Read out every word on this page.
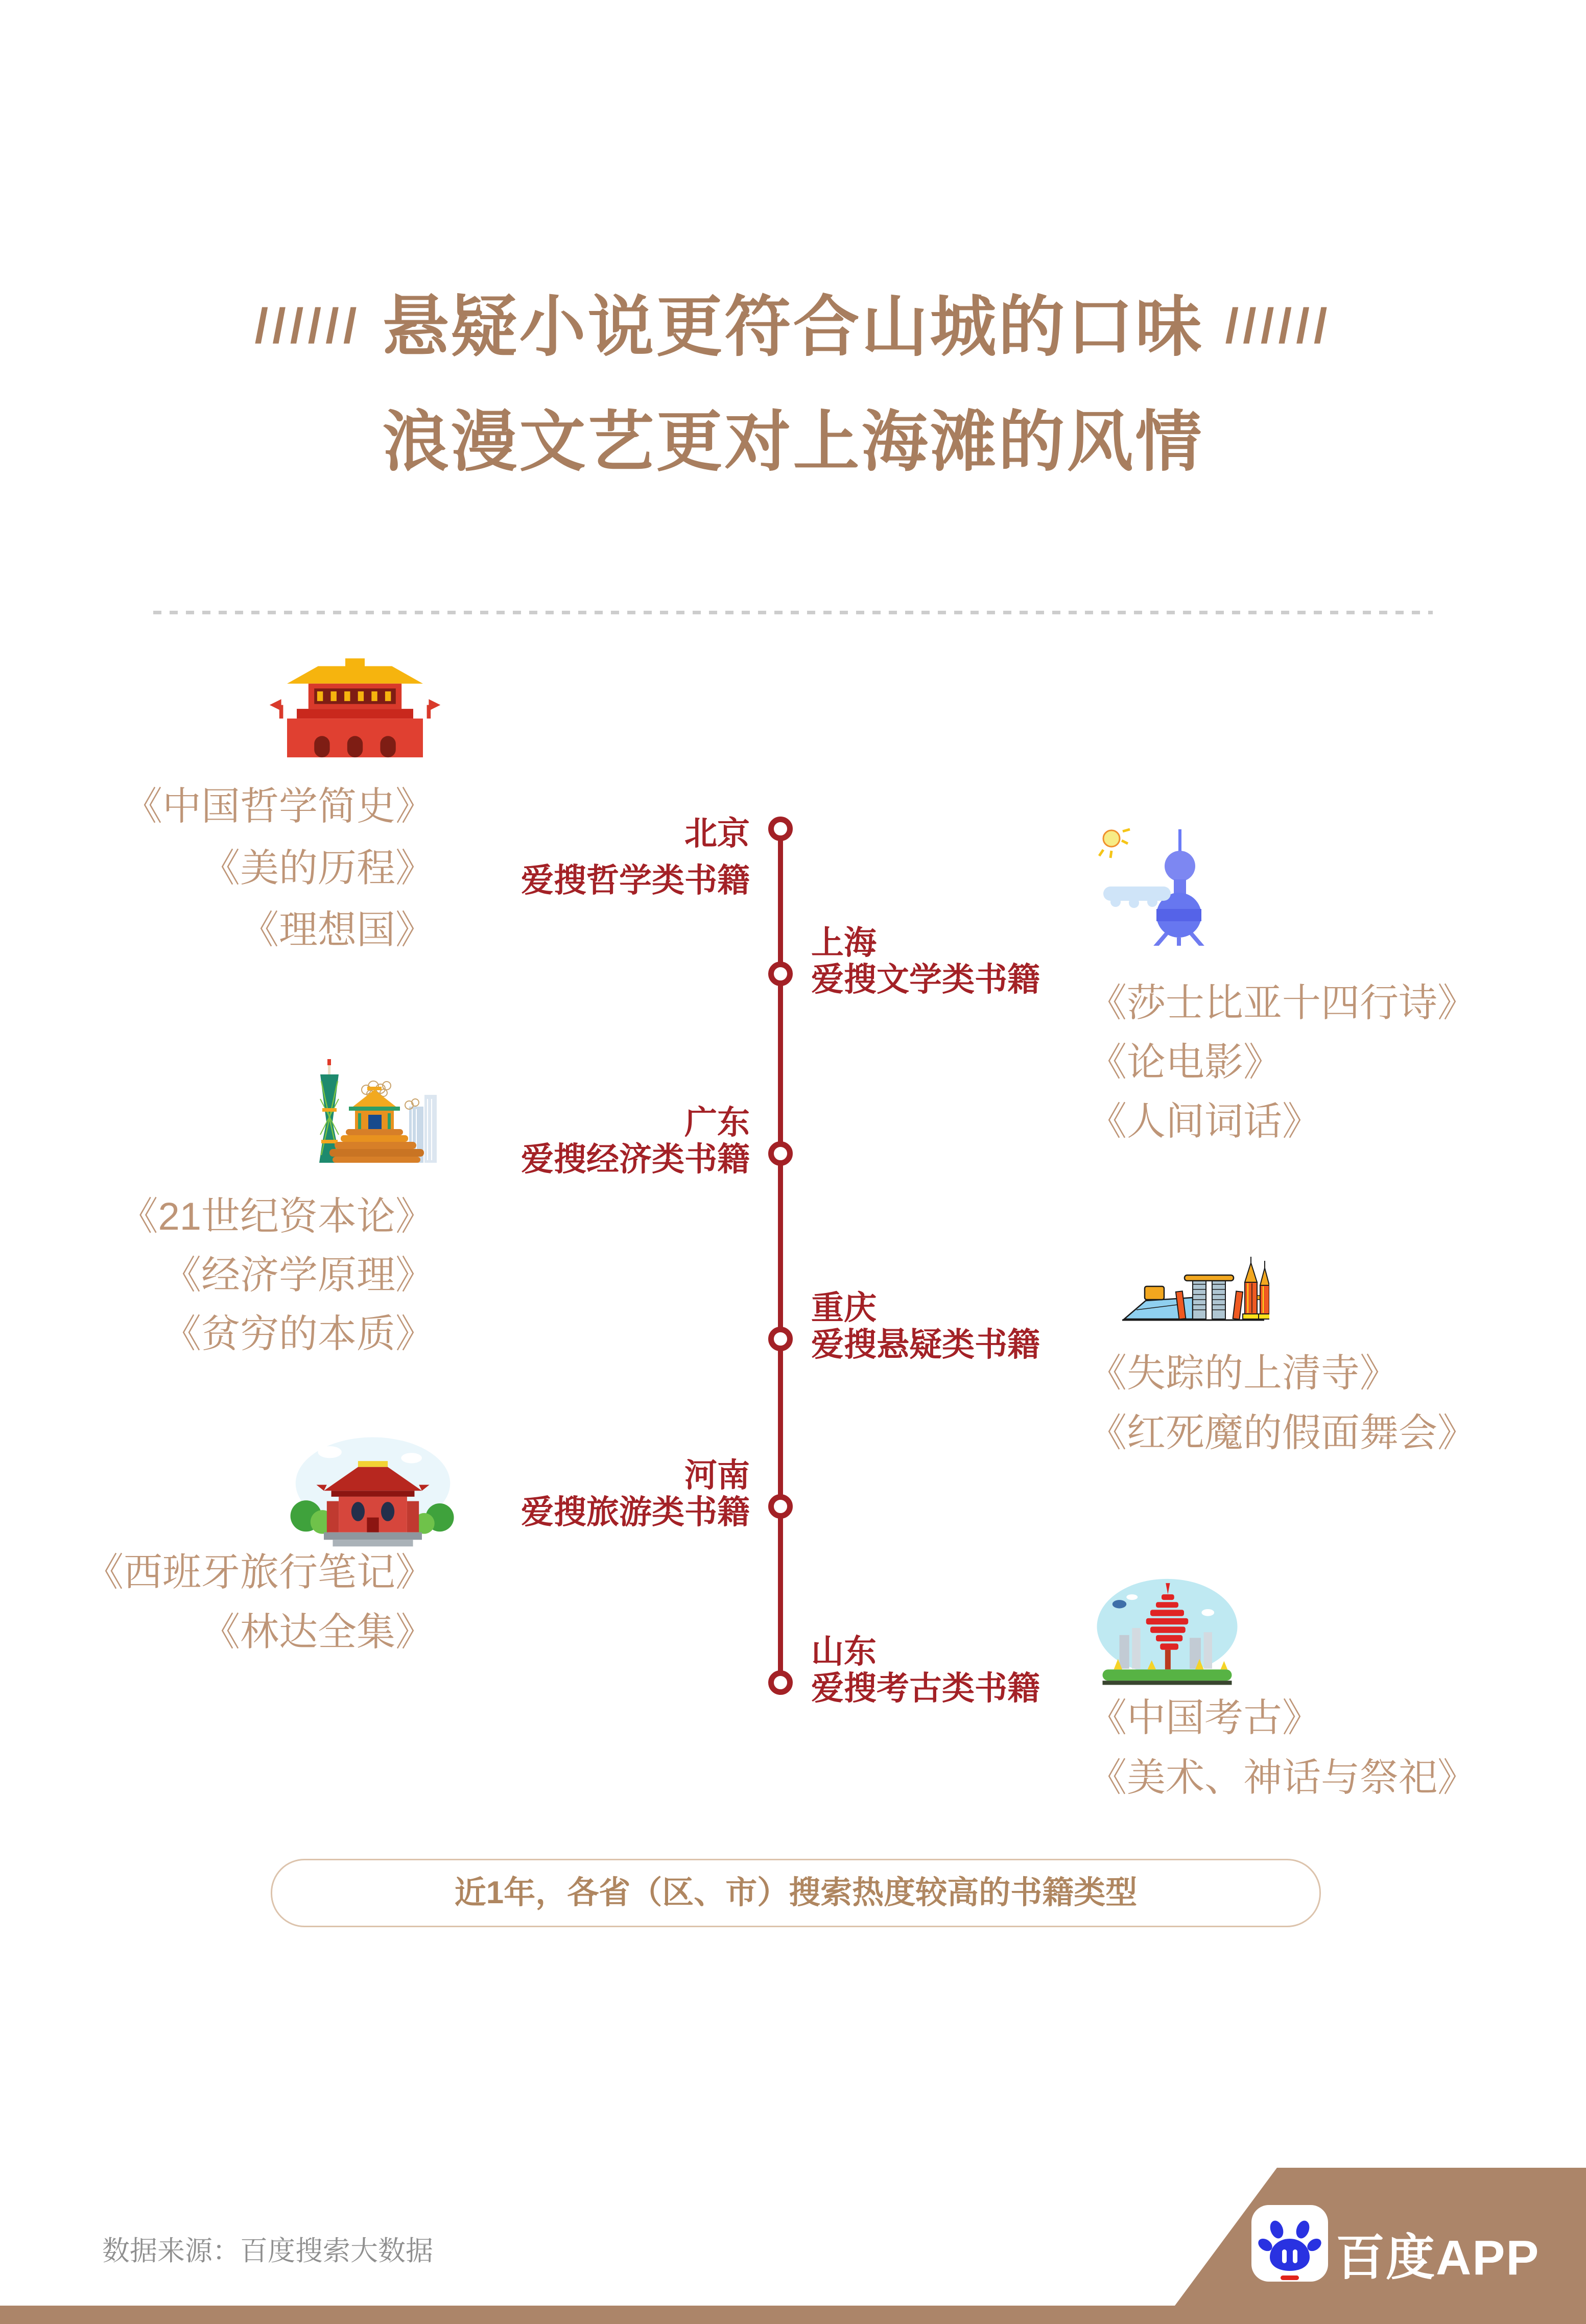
////// 悬疑小说更符合山城的口味 //////
浪漫文艺更对上海滩的风情
北京
爱搜哲学类书籍
《中国哲学简史》
《美的历程》
《理想国》	上海
爱搜文学类书籍
《莎士比亚十四行诗》
《论电影》
《人间词话》
广东
爱搜经济类书籍
《21世纪资本论》
《经济学原理》
《贫穷的本质》
重庆
爱搜悬疑类书籍
《失踪的上清寺》
《红死魔的假面舞会》
河南
爱搜旅游类书籍
《西班牙旅行笔记》
《林达全集》	山东
爱搜考古类书籍
《中国考古》
《美术、神话与祭祀》
近1年，各省（区、市）搜索热度较高的书籍类型
数据来源：百度搜索大数据	百度APP
